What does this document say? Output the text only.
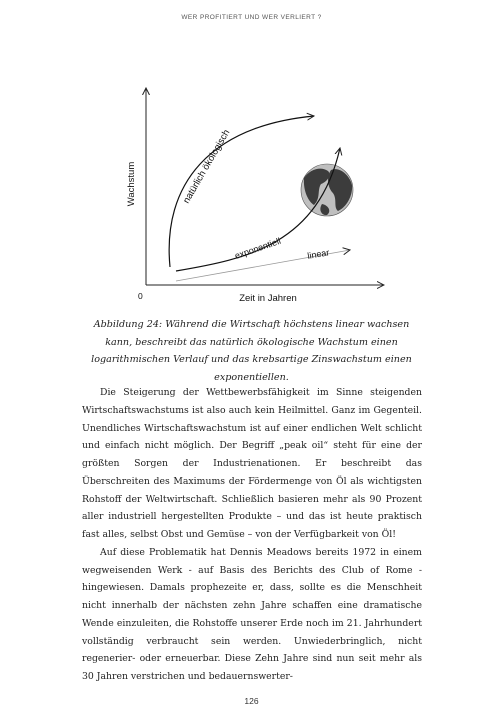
WER PROFITIERT UND WER VERLIERT ?
Wachstum
Zeit in Jahren
0
natürlich ökologisch
exponentiell	linear
Abbildung 24: Während die Wirtschaft höchstens linear wachsen kann, beschreibt das natürlich ökologische Wachstum einen logarithmischen Verlauf und das krebsartige Zinswachstum einen exponentiellen.

Die Steigerung der Wettbewerbsfähigkeit im Sinne steigenden Wirtschaftswachstums ist also auch kein Heilmittel. Ganz im Gegenteil. Unendliches Wirtschaftswachstum ist auf einer endlichen Welt schlicht und einfach nicht möglich. Der Begriff „peak oil“ steht für eine der größten Sorgen der Industrienationen. Er beschreibt das Überschreiten des Maximums der Fördermenge von Öl als wichtigsten Rohstoff der Weltwirtschaft. Schließlich basieren mehr als 90 Prozent aller industriell hergestellten Produkte – und das ist heute praktisch fast alles, selbst Obst und Gemüse – von der Verfügbarkeit von Öl!

Auf diese Problematik hat Dennis Meadows bereits 1972 in einem wegweisenden Werk - auf Basis des Berichts des Club of Rome - hingewiesen. Damals prophezeite er, dass, sollte es die Menschheit nicht innerhalb der nächsten zehn Jahre schaffen eine dramatische Wende einzuleiten, die Rohstoffe unserer Erde noch im 21. Jahrhundert vollständig verbraucht sein werden. Unwiederbringlich, nicht regenerier- oder erneuerbar. Diese Zehn Jahre sind nun seit mehr als 30 Jahren verstrichen und bedauernswerter-

126
